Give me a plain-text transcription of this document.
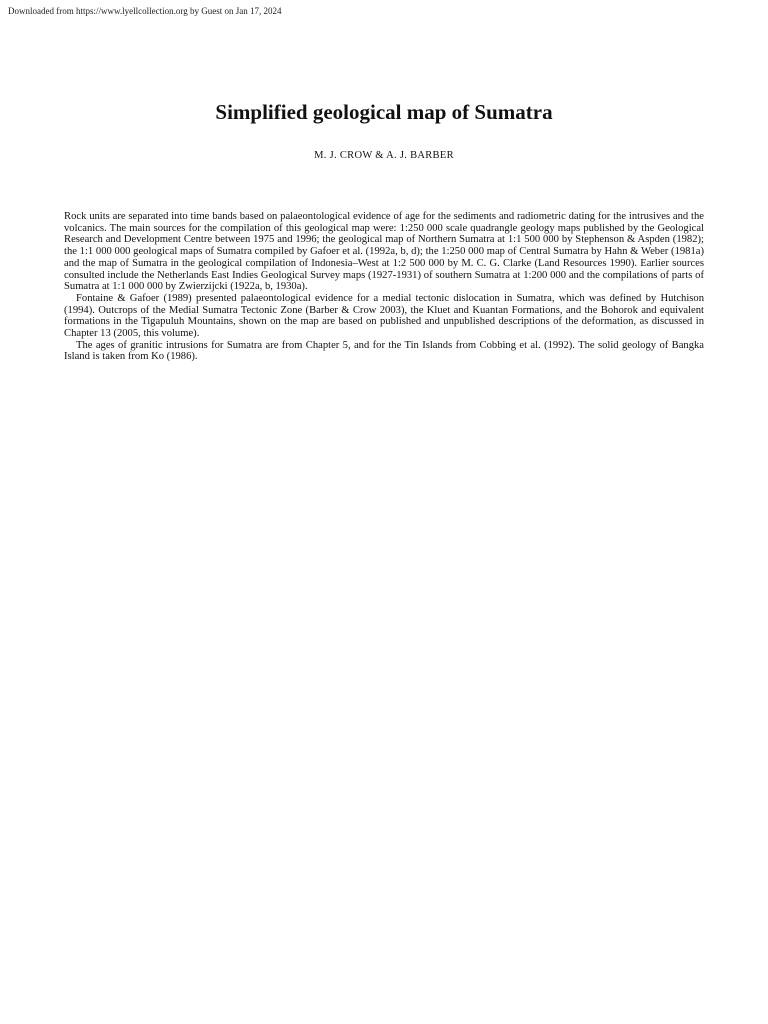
Downloaded from https://www.lyellcollection.org by Guest on Jan 17, 2024
Simplified geological map of Sumatra
M. J. CROW & A. J. BARBER

Rock units are separated into time bands based on palaeontological evidence of age for the sediments and radiometric dating for the intrusives and the volcanics. The main sources for the compilation of this geological map were: 1:250 000 scale quadrangle geology maps published by the Geological Research and Development Centre between 1975 and 1996; the geological map of Northern Sumatra at 1:1 500 000 by Stephenson & Aspden (1982); the 1:1 000 000 geological maps of Sumatra compiled by Gafoer et al. (1992a, b, d); the 1:250 000 map of Central Sumatra by Hahn & Weber (1981a) and the map of Sumatra in the geological compilation of Indonesia–West at 1:2 500 000 by M. C. G. Clarke (Land Resources 1990). Earlier sources consulted include the Netherlands East Indies Geological Survey maps (1927-1931) of southern Sumatra at 1:200 000 and the compilations of parts of Sumatra at 1:1 000 000 by Zwierzijcki (1922a, b, 1930a).

Fontaine & Gafoer (1989) presented palaeontological evidence for a medial tectonic dislocation in Sumatra, which was defined by Hutchison (1994). Outcrops of the Medial Sumatra Tectonic Zone (Barber & Crow 2003), the Kluet and Kuantan Formations, and the Bohorok and equivalent formations in the Tigapuluh Mountains, shown on the map are based on published and unpublished descriptions of the deformation, as discussed in Chapter 13 (2005, this volume).

The ages of granitic intrusions for Sumatra are from Chapter 5, and for the Tin Islands from Cobbing et al. (1992). The solid geology of Bangka Island is taken from Ko (1986).
